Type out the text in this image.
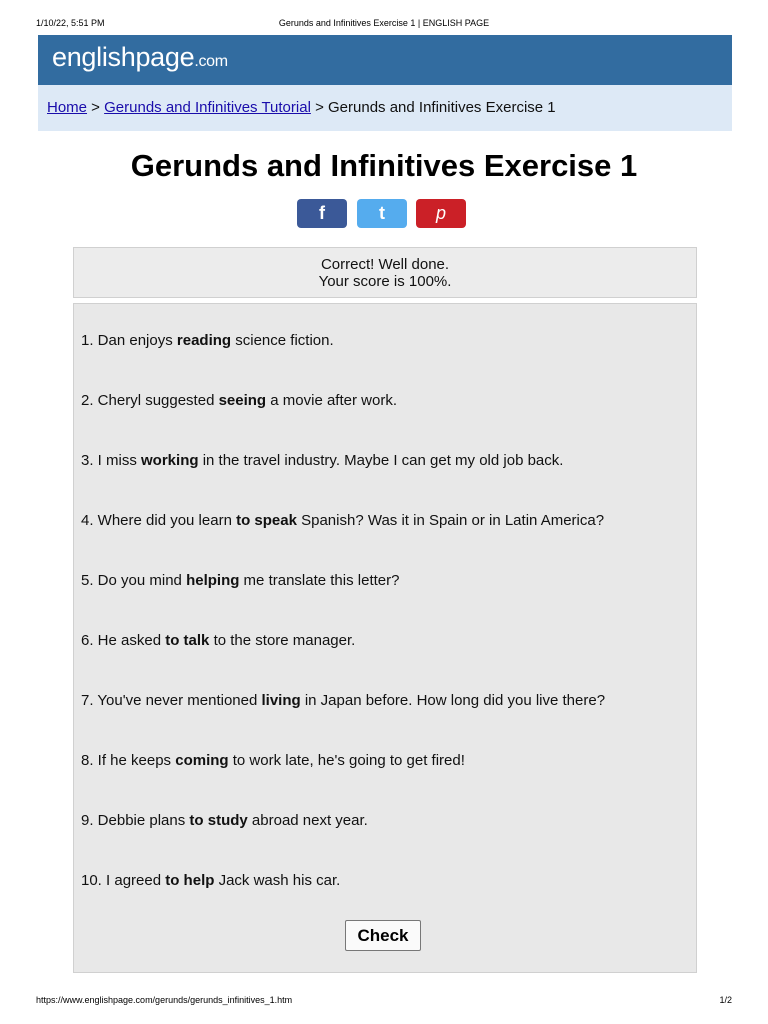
1/10/22, 5:51 PM	Gerunds and Infinitives Exercise 1 | ENGLISH PAGE
englishpage.com
Home > Gerunds and Infinitives Tutorial > Gerunds and Infinitives Exercise 1
Gerunds and Infinitives Exercise 1
f	t	p
Correct! Well done.
Your score is 100%.
1. Dan enjoys reading science fiction.
2. Cheryl suggested seeing a movie after work.
3. I miss working in the travel industry. Maybe I can get my old job back.
4. Where did you learn to speak Spanish? Was it in Spain or in Latin America?
5. Do you mind helping me translate this letter?
6. He asked to talk to the store manager.
7. You've never mentioned living in Japan before. How long did you live there?
8. If he keeps coming to work late, he's going to get fired!
9. Debbie plans to study abroad next year.
10. I agreed to help Jack wash his car.
Check
https://www.englishpage.com/gerunds/gerunds_infinitives_1.htm	1/2
